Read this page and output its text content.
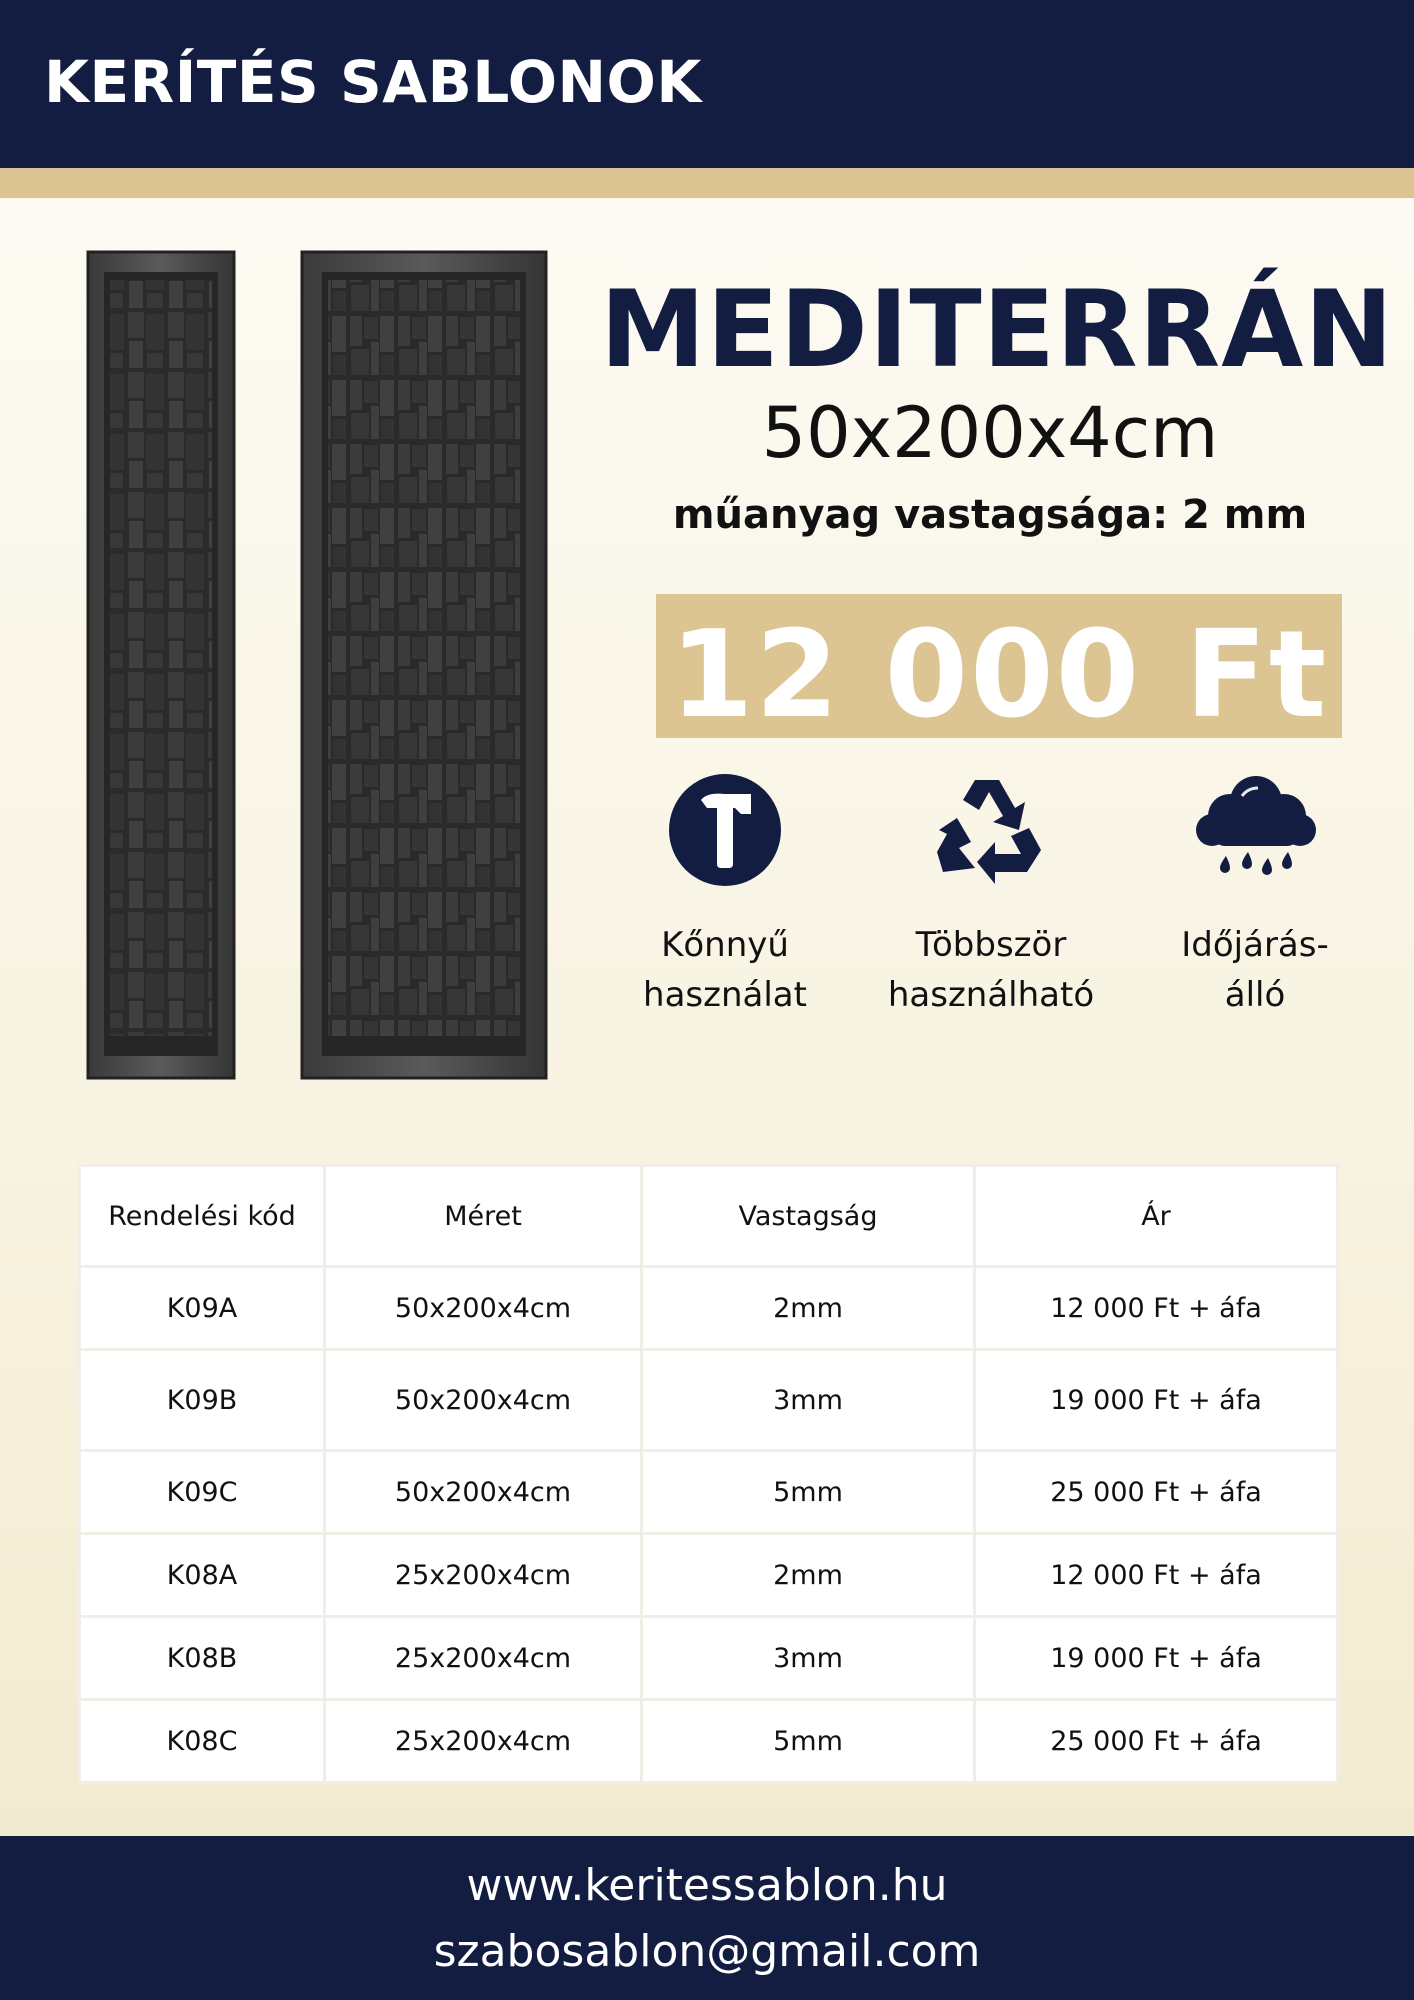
KERÍTÉS SABLONOK
MEDITERRÁN
50x200x4cm
műanyag vastagsága: 2 mm
12 000 Ft
Kőnnyű
használat
Többször
használható
Időjárás-
álló
Rendelési kód	Méret	Vastagság	Ár
K09A	50x200x4cm	2mm	12 000 Ft + áfa
K09B	50x200x4cm	3mm	19 000 Ft + áfa
K09C	50x200x4cm	5mm	25 000 Ft + áfa
K08A	25x200x4cm	2mm	12 000 Ft + áfa
K08B	25x200x4cm	3mm	19 000 Ft + áfa
K08C	25x200x4cm	5mm	25 000 Ft + áfa
www.keritessablon.hu
szabosablon@gmail.com
